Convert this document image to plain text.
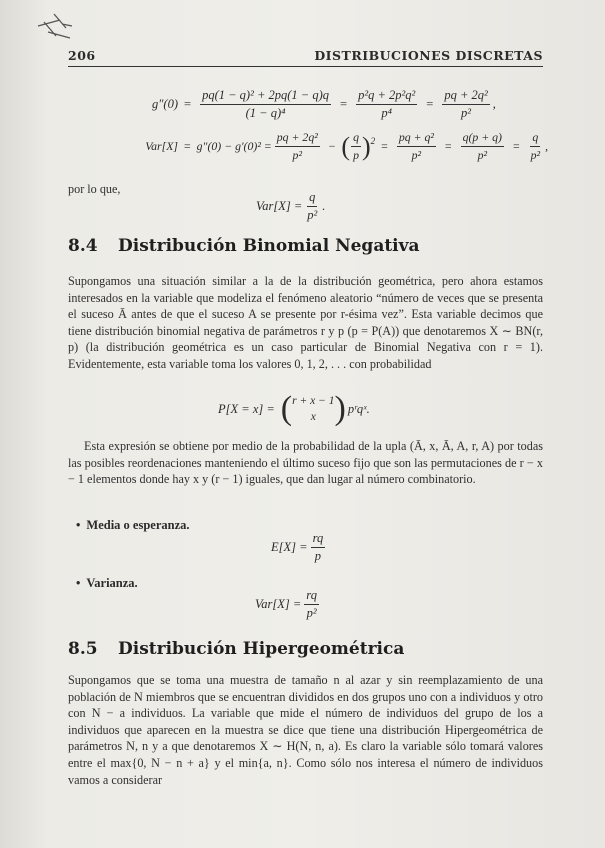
206	DISTRIBUCIONES DISCRETAS
$g''(0) = \frac{\text{pq(1 − q)² + 2pq(1 − q)q}}{\text{(1 − q)⁴}} = \frac{\text{p²q + 2p²q²}}{\text{p⁴}} = \frac{\text{pq + 2q²}}{\text{p²}}$ ,
$Var[X] = g''(0) - g'(0)^2 = \frac{\text{pq + 2q²}}{\text{p²}}$ − ( $\frac{q}{p} )^2 = \frac{\text{pq + q²}}{\text{p²}} = \frac{q(p + q)}{\text{p²}} = \frac{q}{\text{p²}}$ ,
por lo que,
$Var[X] = \frac{q}{\text{p²}}$ .
8.4 Distribución Binomial Negativa
Supongamos una situación similar a la de la distribución geométrica, pero ahora estamos interesados en la variable que modeliza el fenómeno aleatorio “número de veces que se presenta el suceso Ā antes de que el suceso A se presente por r-ésima vez”. Esta variable decimos que tiene distribución binomial negativa de parámetros r y p (p = P(A)) que denotaremos X ∼ BN(r, p) (la distribución geométrica es un caso particular de Binomial Negativa con r = 1). Evidentemente, esta variable toma los valores 0, 1, 2, . . . con probabilidad
P[X = x] = ( r + x − 1
x ) pʳqˣ.
Esta expresión se obtiene por medio de la probabilidad de la upla (Ā, x, Ā, A, r, A) por todas las posibles reordenaciones manteniendo el último suceso fijo que son las permutaciones de r − x − 1 elementos donde hay x y (r − 1) iguales, que dan lugar al número combinatorio.
• Media o esperanza.
$E[X] = \frac{rq}{p}$
• Varianza.
$Var[X] = \frac{rq}{\text{p²}}$
8.5 Distribución Hipergeométrica
Supongamos que se toma una muestra de tamaño n al azar y sin reemplazamiento de una población de N miembros que se encuentran divididos en dos grupos uno con a individuos y otro con N − a individuos. La variable que mide el número de individuos del grupo de los a individuos que aparecen en la muestra se dice que tiene una distribución Hipergeométrica de parámetros N, n y a que denotaremos X ∼ H(N, n, a). Es claro la variable sólo tomará valores entre el max{0, N − n + a} y el min{a, n}. Como sólo nos interesa el número de individuos vamos a considerar
